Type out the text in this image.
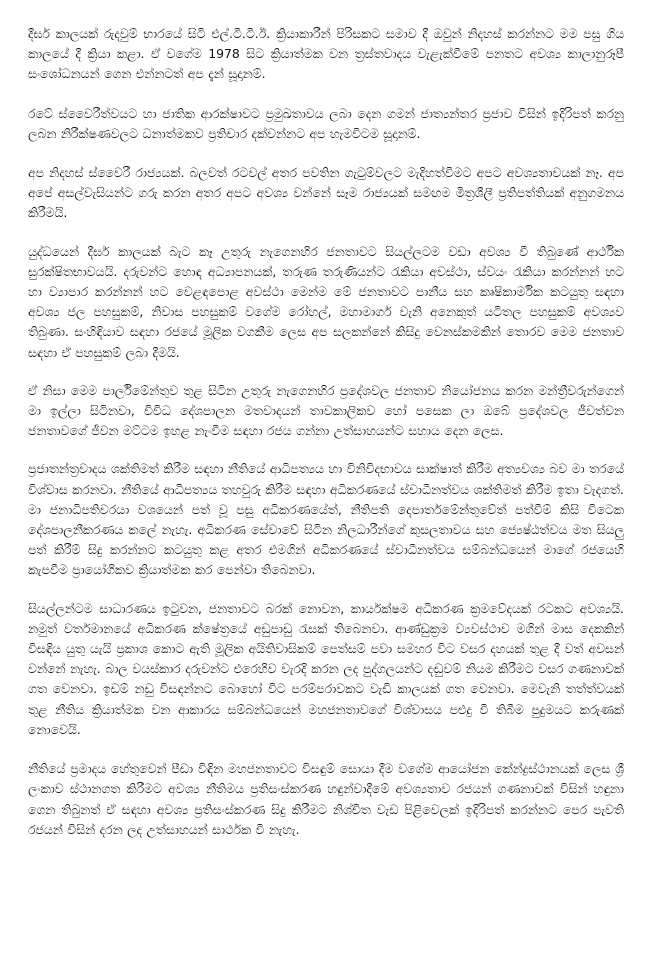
දීර්ඝ කාලයක් රුදවුම් භාරයේ සිටි එල්.ටී.ටී.ඊ. ක්‍රියාකාරීන් පිරිසකට සමාව දී ඔවුන් නිදහස් කරන්නට මම පසු ගිය කාලයේ දී ක්‍රියා කළා. ඒ වගේම 1978 සිට ක්‍රියාත්මක වන ත්‍රස්තවාදය වැළැක්වීමේ පනතට අවශ්‍ය කාලානුරූපී සංශෝධනයන් ගෙන එන්නටත් අප දැන් සූදානම්.

රටේ ස්වෛරීත්වයට හා ජාතික ආරක්ෂාවට ප්‍රමුඛතාවය ලබා දෙන ගමන් ජාත්‍යන්තර ප්‍රජාව විසින් ඉදිරිපත් කරනු ලබන නිරීක්ෂණවලට ධනාත්මකව ප්‍රතිචාර දක්වන්නට අප හැමවිටම සූදානම්.

අප නිදහස් ස්වෛරී රාජ්‍යයක්. බලවත් රටවල් අතර පවතින ගැටුම්වලට මැදිහත්වීමට අපට අවශ්‍යතාවයක් නෑ. අප අපේ අසල්වැසියන්ට ගරු කරන අතර අපට අවශ්‍ය වන්නේ සෑම රාජ්‍යයක් සමඟම මිත්‍රශීලී ප්‍රතිපත්තියක් අනුගමනය කිරීමයි.

යුද්ධයෙන් දීර්ඝ කාලයක් බැට කෑ උතුරු නැගෙනහිර ජනතාවට සියල්ලටම වඩා අවශ්‍ය වී තිබුණේ ආර්ථික සුරක්ෂිතභාවයයි. දරුවන්ට හොඳ අධ්‍යාපනයක්, තරුණ තරුණියන්ට රැකියා අවස්ථා, ස්වයං රැකියා කරන්නන් හට හා ව්‍යාපාර කරන්නන් හට වෙළඳපොළ අවස්ථා මෙන්ම මේ ජනතාවට පානීය සහ කෘෂිකාර්මික කටයුතු සඳහා අවශ්‍ය ජල පහසුකම්, නිවාස පහසුකම් වගේම රෝහල්, මහාමාර්ග වැනි අනෙකුත් යටිතල පහසුකම් අවශ්‍යව තිබුණා. සංහිඳියාව සඳහා රජයේ මූලික වගකීම ලෙස අප සලකන්නේ කිසිදු වෙනස්කමකින් තොරව මෙම ජනතාව සඳහා ඒ පහසුකම් ලබා දීමයි.

ඒ නිසා මෙම පාර්ලිමේන්තුව තුළ සිටින උතුරු නැගෙනහිර ප්‍රදේශවල ජනතාව නියෝජනය කරන මන්ත්‍රීවරුන්ගෙන් මා ඉල්ලා සිටිනවා, විවිධ දේශපාලන මතවාදයන් තාවකාලිකව හෝ පසෙක ලා ඔබේ ප්‍රදේශවල ජීවත්වන ජනතාවගේ ජීවන මට්ටම ඉහළ නැංවීම සඳහා රජය ගන්නා උත්සාහයන්ට සහාය දෙන ලෙස.

ප්‍රජාතන්ත්‍රවාදය ශක්තිමත් කිරීම සඳහා නීතියේ ආධිපත්‍යය හා විනිවිදභාවය සාක්ෂාත් කිරීම අත්‍යවශ්‍ය බව මා තරයේ විශ්වාස කරනවා. නීතියේ ආධිපත්‍යය තහවුරු කිරීම සඳහා අධිකරණයේ ස්වාධීනත්වය ශක්තිමත් කිරීම ඉතා වැදගත්. මා ජනාධිපතිවරයා වශයෙන් පත් වූ පසු අධිකරණයේත්, නීතිපති දෙපාර්තමේන්තුවේත් පත්වීම් කිසි විටෙක දේශපාලනීකරණය කලේ නැහැ. අධිකරණ සේවාවේ සිටින නිලධාරීන්ගේ කුසලතාවය සහ ජ්‍යෙෂ්ඨත්වය මත සියලු පත් කිරීම් සිදු කරන්නට කටයුතු කළ අතර එමගින් අධිකරණයේ ස්වාධීනත්වය සම්බන්ධයෙන් මාගේ රජයෙහි කැපවීම ප්‍රායෝගිකව ක්‍රියාත්මක කර පෙන්වා තිබෙනවා.

සියල්ලන්ටම සාධාරණය ඉටුවන, ජනතාවට බරක් නොවන, කාර්යක්ෂම අධිකරණ ක්‍රමවේදයක් රටකට අවශ්‍යයි. නමුත් වර්තමානයේ අධිකරණ ක්ෂේත්‍රයේ අඩුපාඩු රැසක් තිබෙනවා. ආණ්ඩුක්‍රම ව්‍යවස්ථාව මගින් මාස දෙකකින් විසඳිය යුතු යැයි ප්‍රකාශ කොට ඇති මූලික අයිතිවාසිකම් පෙත්සම් පවා සමහර විට වසර දහයක් තුළ දී වත් අවසන් වන්නේ නැහැ. බාල වයස්කාර දරුවන්ට එරෙහිව වැරදි කරන ලද පුද්ගලයන්ට දඬුවම් නියම කිරීමට වසර ගණනාවක් ගත වෙනවා. ඉඩම් නඩු විසඳන්නට බොහෝ විට පරම්පරාවකට වැඩි කාලයක් ගත වෙනවා. මෙවැනි තත්ත්වයක් තුළ නීතිය ක්‍රියාත්මක වන ආකාරය සම්බන්ධයෙන් මහජනතාවගේ විශ්වාසය පළුදු වී තිබීම පුදුමයට කරුණක් නොවෙයි.

නීතියේ ප්‍රමාදය හේතුවෙන් පීඩා විඳින මහජනතාවට විසඳුම් සොයා දීම වගේම ආයෝජන කේන්ද්‍රස්ථානයක් ලෙස ශ්‍රී ලංකාව ස්ථානගත කිරීමට අවශ්‍ය නීතිමය ප්‍රතිසංස්කරණ හඳුන්වාදීමේ අවශ්‍යතාව රජයන් ගණනාවක් විසින් හඳුනා ගෙන තිබුනත් ඒ සඳහා අවශ්‍ය ප්‍රතිසංස්කරණ සිදු කිරීමට නිශ්චිත වැඩ පිළිවෙලක් ඉදිරිපත් කරන්නට පෙර පැවති රජයන් විසින් දරන ලද උත්සාහයන් සාර්ථක වී නැහැ.
